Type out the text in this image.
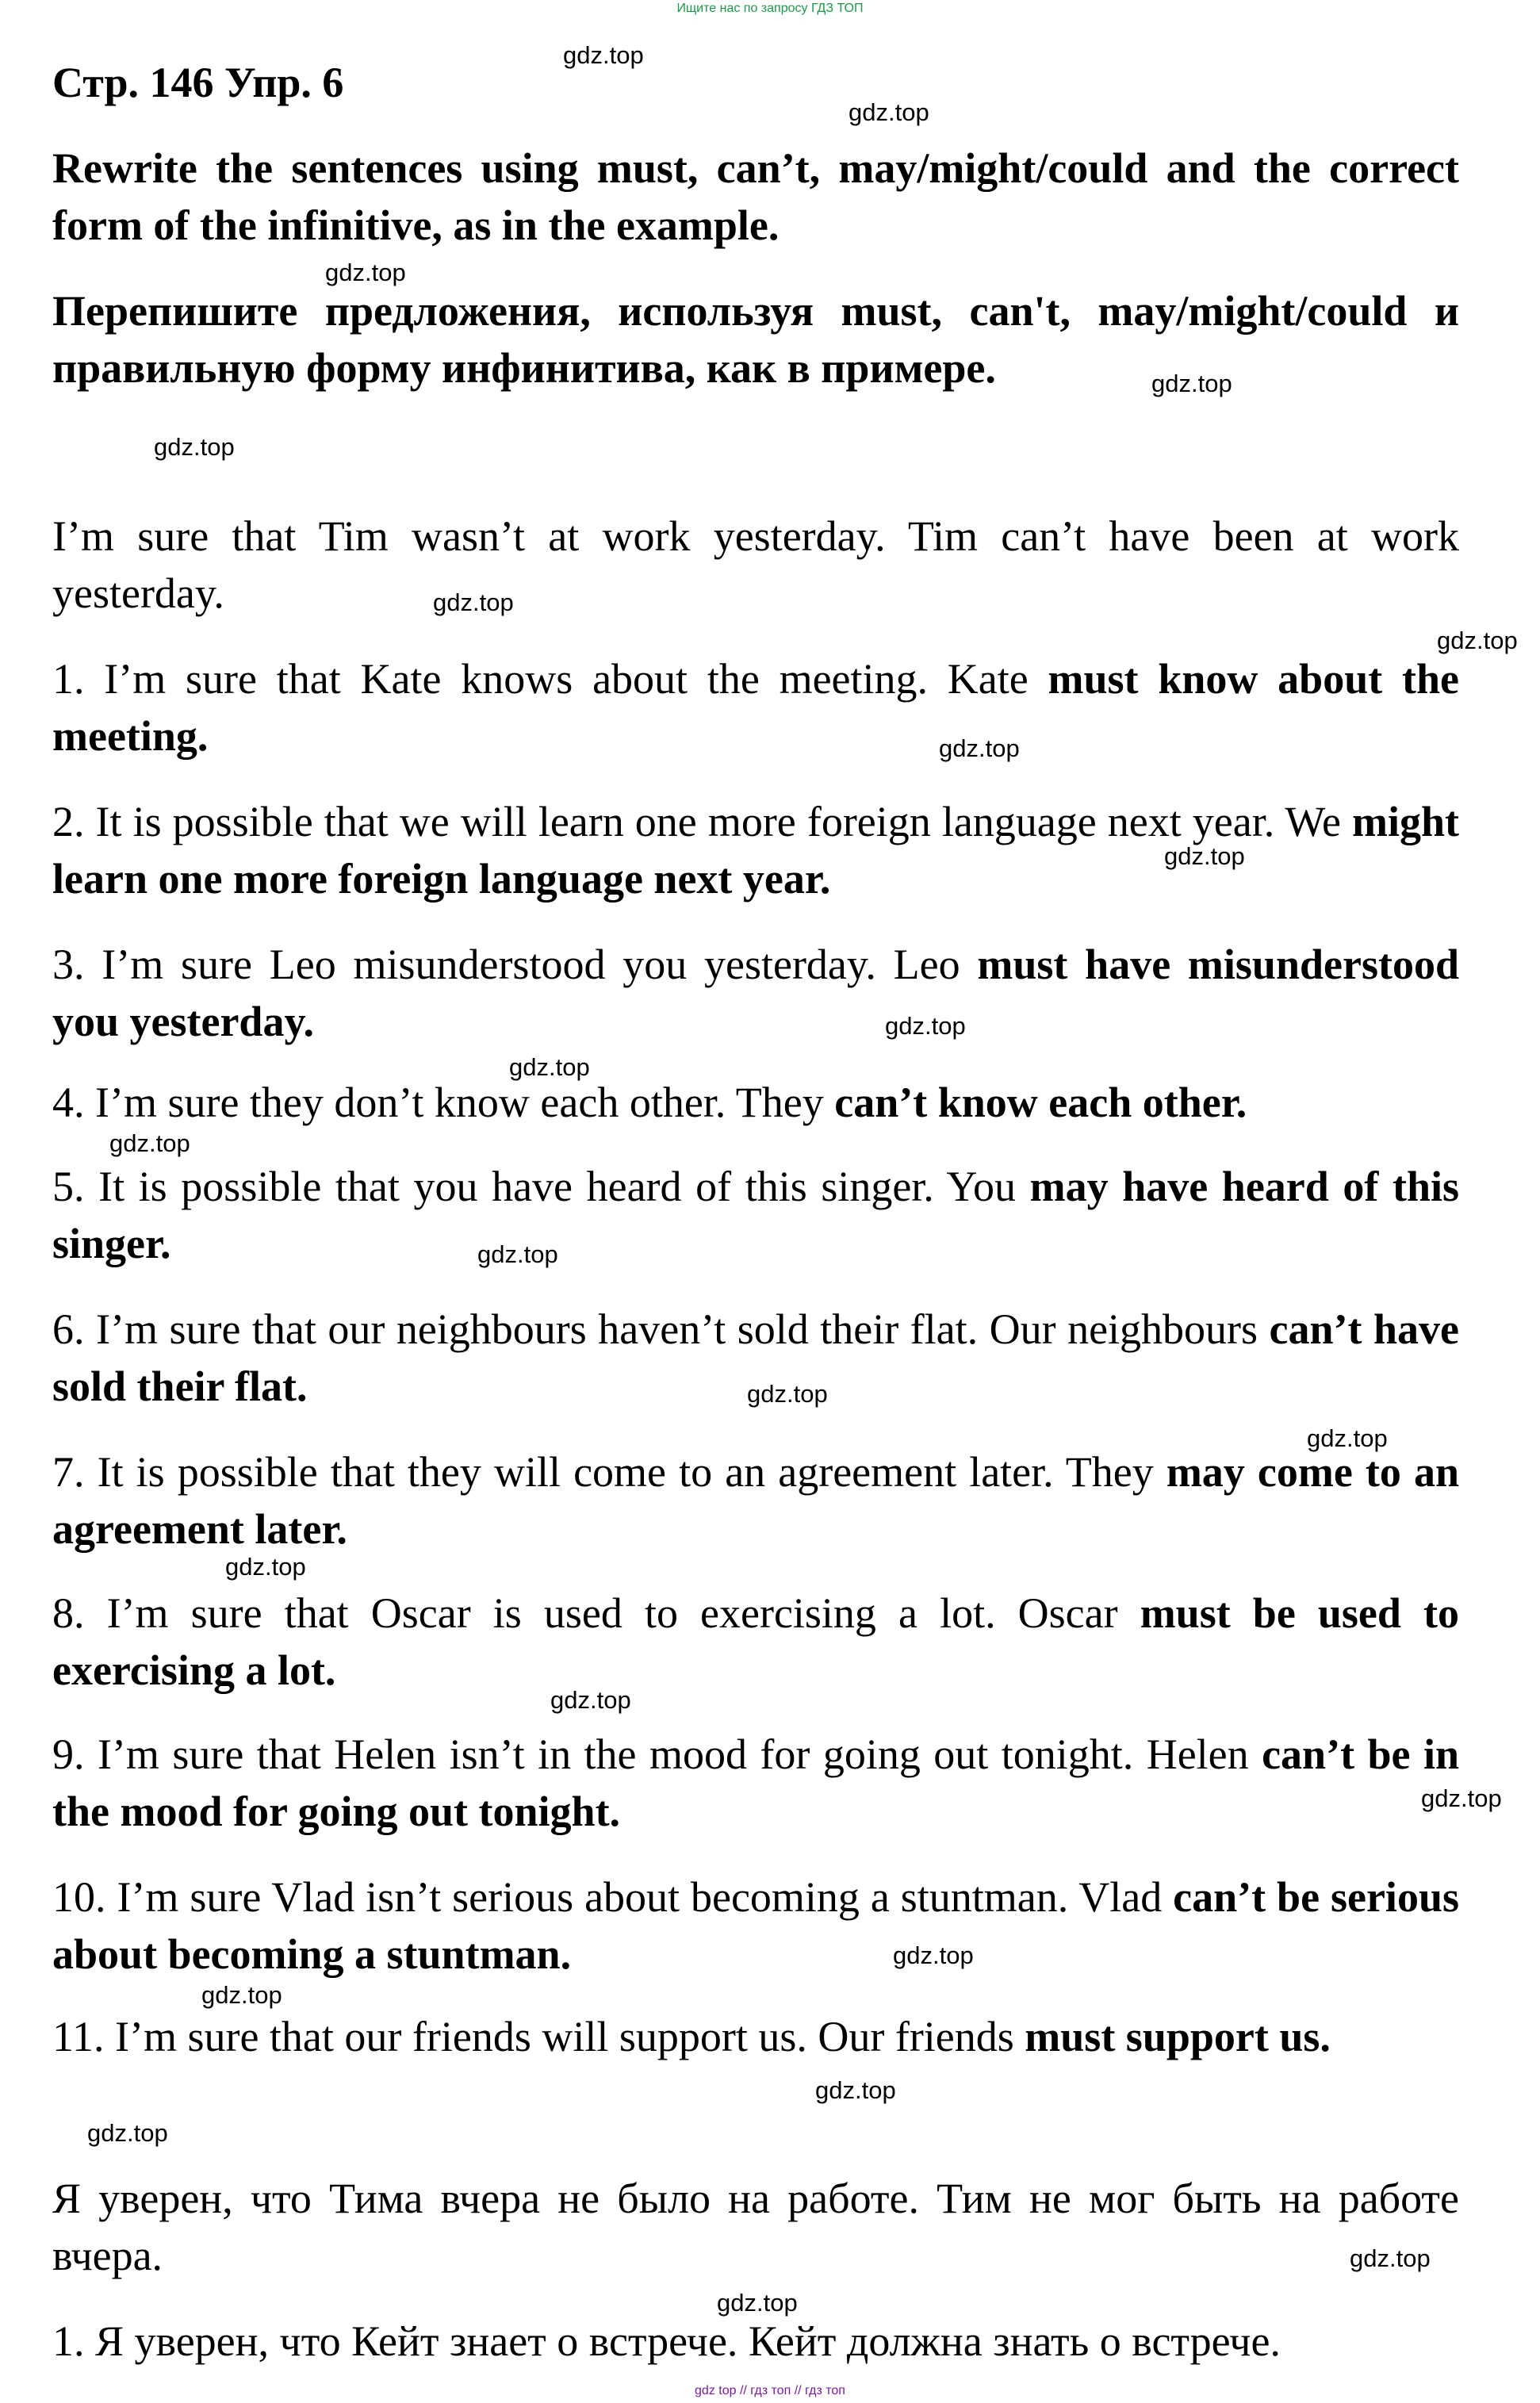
Ищите нас по запросу ГДЗ ТОП
Стр. 146 Упр. 6
Rewrite the sentences using must, can’t, may/might/could and the correct form of the infinitive, as in the example.
Перепишите предложения, используя must, can't, may/might/could и правильную форму инфинитива, как в примере.
I’m sure that Tim wasn’t at work yesterday. Tim can’t have been at work yesterday.
1. I’m sure that Kate knows about the meeting. Kate must know about the meeting.
2. It is possible that we will learn one more foreign language next year. We might learn one more foreign language next year.
3. I’m sure Leo misunderstood you yesterday. Leo must have misunderstood you yesterday.
4. I’m sure they don’t know each other. They can’t know each other.
5. It is possible that you have heard of this singer. You may have heard of this singer.
6. I’m sure that our neighbours haven’t sold their flat. Our neighbours can’t have sold their flat.
7. It is possible that they will come to an agreement later. They may come to an agreement later.
8. I’m sure that Oscar is used to exercising a lot. Oscar must be used to exercising a lot.
9. I’m sure that Helen isn’t in the mood for going out tonight. Helen can’t be in the mood for going out tonight.
10. I’m sure Vlad isn’t serious about becoming a stuntman. Vlad can’t be serious about becoming a stuntman.
11. I’m sure that our friends will support us. Our friends must support us.
Я уверен, что Тима вчера не было на работе. Тим не мог быть на работе вчера.
1. Я уверен, что Кейт знает о встрече. Кейт должна знать о встрече.
gdz.top
gdz.top
gdz.top
gdz.top
gdz.top
gdz.top
gdz.top
gdz.top
gdz.top
gdz.top
gdz.top
gdz.top
gdz.top
gdz.top
gdz.top
gdz.top
gdz.top
gdz.top
gdz.top
gdz.top
gdz.top
gdz.top
gdz.top
gdz.top
gdz top // гдз топ // гдз топ
